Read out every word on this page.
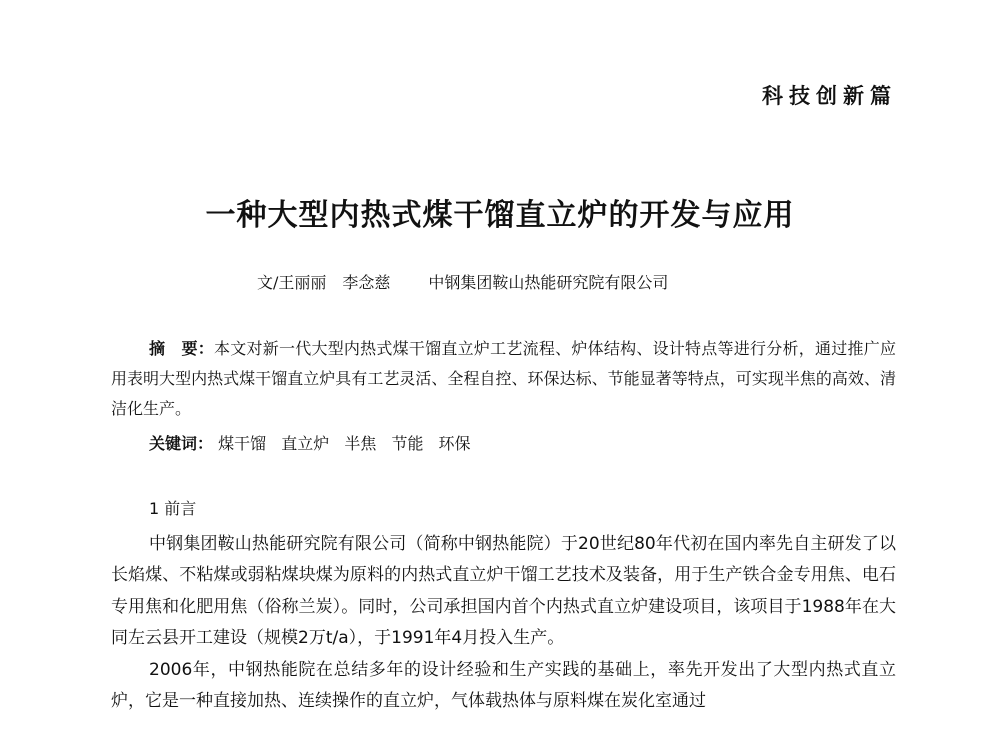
科技创新篇
一种大型内热式煤干馏直立炉的开发与应用
文/王丽丽　李念慈 中钢集团鞍山热能研究院有限公司
摘　要：本文对新一代大型内热式煤干馏直立炉工艺流程、炉体结构、设计特点等进行分析，通过推广应用表明大型内热式煤干馏直立炉具有工艺灵活、全程自控、环保达标、节能显著等特点，可实现半焦的高效、清洁化生产。
关键词： 煤干馏 直立炉 半焦 节能 环保
1 前言

中钢集团鞍山热能研究院有限公司（简称中钢热能院）于20世纪80年代初在国内率先自主研发了以长焰煤、不粘煤或弱粘煤块煤为原料的内热式直立炉干馏工艺技术及装备，用于生产铁合金专用焦、电石专用焦和化肥用焦（俗称兰炭）。同时，公司承担国内首个内热式直立炉建设项目，该项目于1988年在大同左云县开工建设（规模2万t/a），于1991年4月投入生产。

2006年，中钢热能院在总结多年的设计经验和生产实践的基础上，率先开发出了大型内热式直立炉，它是一种直接加热、连续操作的直立炉，气体载热体与原料煤在炭化室通过
